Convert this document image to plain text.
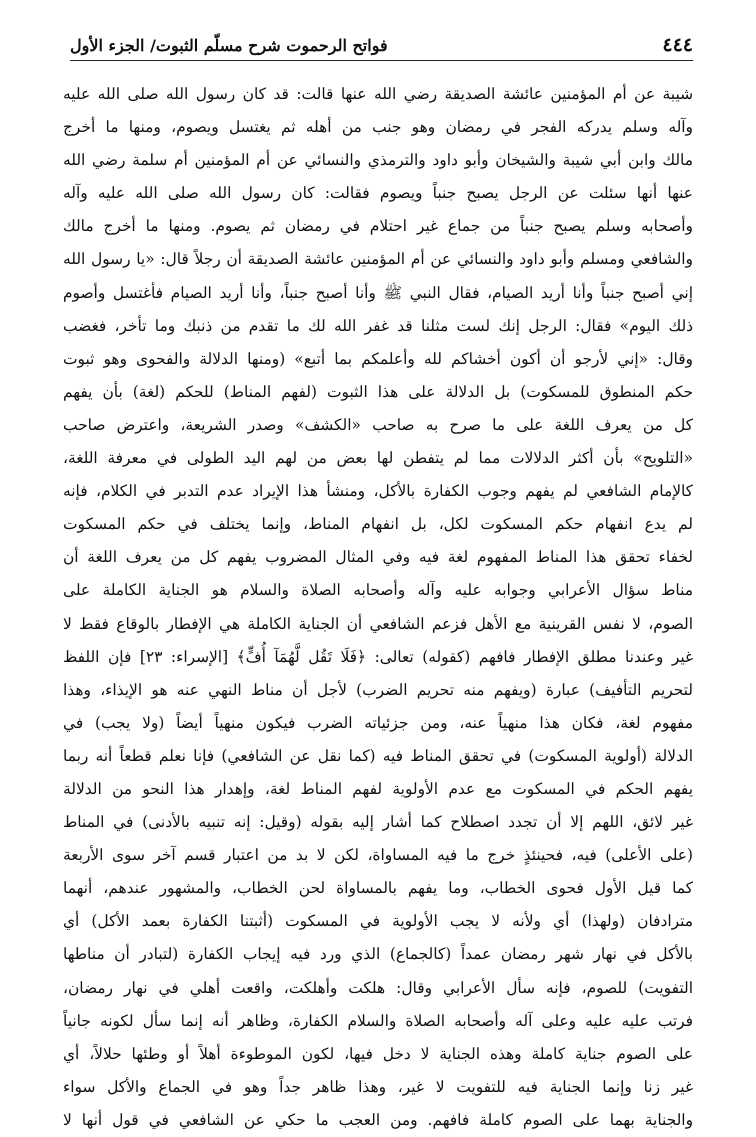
٤٤٤
فواتح الرحموت شرح مسلّم الثبوت/ الجزء الأول
شيبة عن أم المؤمنين عائشة الصديقة رضي الله عنها قالت: قد كان رسول الله صلى الله عليه
وآله وسلم يدركه الفجر في رمضان وهو جنب من أهله ثم يغتسل ويصوم، ومنها ما أخرج
مالك وابن أبي شيبة والشيخان وأبو داود والترمذي والنسائي عن أم المؤمنين أم سلمة رضي الله
عنها أنها سئلت عن الرجل يصبح جنباً ويصوم فقالت: كان رسول الله صلى الله عليه وآله
وأصحابه وسلم يصبح جنباً من جماع غير احتلام في رمضان ثم يصوم. ومنها ما أخرج مالك
والشافعي ومسلم وأبو داود والنسائي عن أم المؤمنين عائشة الصديقة أن رجلاً قال: «يا رسول الله
إني أصبح جنباً وأنا أريد الصيام، فقال النبي ﷺ وأنا أصبح جنباً، وأنا أريد الصيام فأغتسل وأصوم
ذلك اليوم» فقال: الرجل إنك لست مثلنا قد غفر الله لك ما تقدم من ذنبك وما تأخر، فغضب
وقال: «إني لأرجو أن أكون أخشاكم لله وأعلمكم بما أتبع» (ومنها الدلالة والفحوى وهو ثبوت
حكم المنطوق للمسكوت) بل الدلالة على هذا الثبوت (لفهم المناط) للحكم (لغة) بأن يفهم
كل من يعرف اللغة على ما صرح به صاحب «الكشف» وصدر الشريعة، واعترض صاحب
«التلويح» بأن أكثر الدلالات مما لم يتفطن لها بعض من لهم اليد الطولى في معرفة اللغة،
كالإمام الشافعي لم يفهم وجوب الكفارة بالأكل، ومنشأ هذا الإيراد عدم التدبر في الكلام، فإنه
لم يدع انفهام حكم المسكوت لكل، بل انفهام المناط، وإنما يختلف في حكم المسكوت
لخفاء تحقق هذا المناط المفهوم لغة فيه وفي المثال المضروب يفهم كل من يعرف اللغة أن
مناط سؤال الأعرابي وجوابه عليه وآله وأصحابه الصلاة والسلام هو الجناية الكاملة على
الصوم، لا نفس القرينية مع الأهل فزعم الشافعي أن الجناية الكاملة هي الإفطار بالوقاع فقط لا
غير وعندنا مطلق الإفطار فافهم (كقوله) تعالى: ﴿فَلَا تَقُل لَّهُمَآ أُفٍّ﴾ [الإسراء: ٢٣] فإن اللفظ
لتحريم التأفيف) عبارة (ويفهم منه تحريم الضرب) لأجل أن مناط النهي عنه هو الإيذاء، وهذا
مفهوم لغة، فكان هذا منهياً عنه، ومن جزئياته الضرب فيكون منهياً أيضاً (ولا يجب) في
الدلالة (أولوية المسكوت) في تحقق المناط فيه (كما نقل عن الشافعي) فإنا نعلم قطعاً أنه ربما
يفهم الحكم في المسكوت مع عدم الأولوية لفهم المناط لغة، وإهدار هذا النحو من الدلالة
غير لائق، اللهم إلا أن تجدد اصطلاح كما أشار إليه بقوله (وقيل: إنه تنبيه بالأدنى) في المناط
(على الأعلى) فيه، فحينئذٍ خرج ما فيه المساواة، لكن لا بد من اعتبار قسم آخر سوى الأربعة
كما قيل الأول فحوى الخطاب، وما يفهم بالمساواة لحن الخطاب، والمشهور عندهم، أنهما
مترادفان (ولهذا) أي ولأنه لا يجب الأولوية في المسكوت (أثبتنا الكفارة بعمد الأكل) أي
بالأكل في نهار شهر رمضان عمداً (كالجماع) الذي ورد فيه إيجاب الكفارة (لتبادر أن مناطها
التفويت) للصوم، فإنه سأل الأعرابي وقال: هلكت وأهلكت، واقعت أهلي في نهار رمضان،
فرتب عليه عليه وعلى آله وأصحابه الصلاة والسلام الكفارة، وظاهر أنه إنما سأل لكونه جانياً
على الصوم جناية كاملة وهذه الجناية لا دخل فيها، لكون الموطوءة أهلاً أو وطئها حلالاً، أي
غير زنا وإنما الجناية فيه للتفويت لا غير، وهذا ظاهر جداً وهو في الجماع والأكل سواء
والجناية بهما على الصوم كاملة فافهم. ومن العجب ما حكي عن الشافعي في قول أنها لا
